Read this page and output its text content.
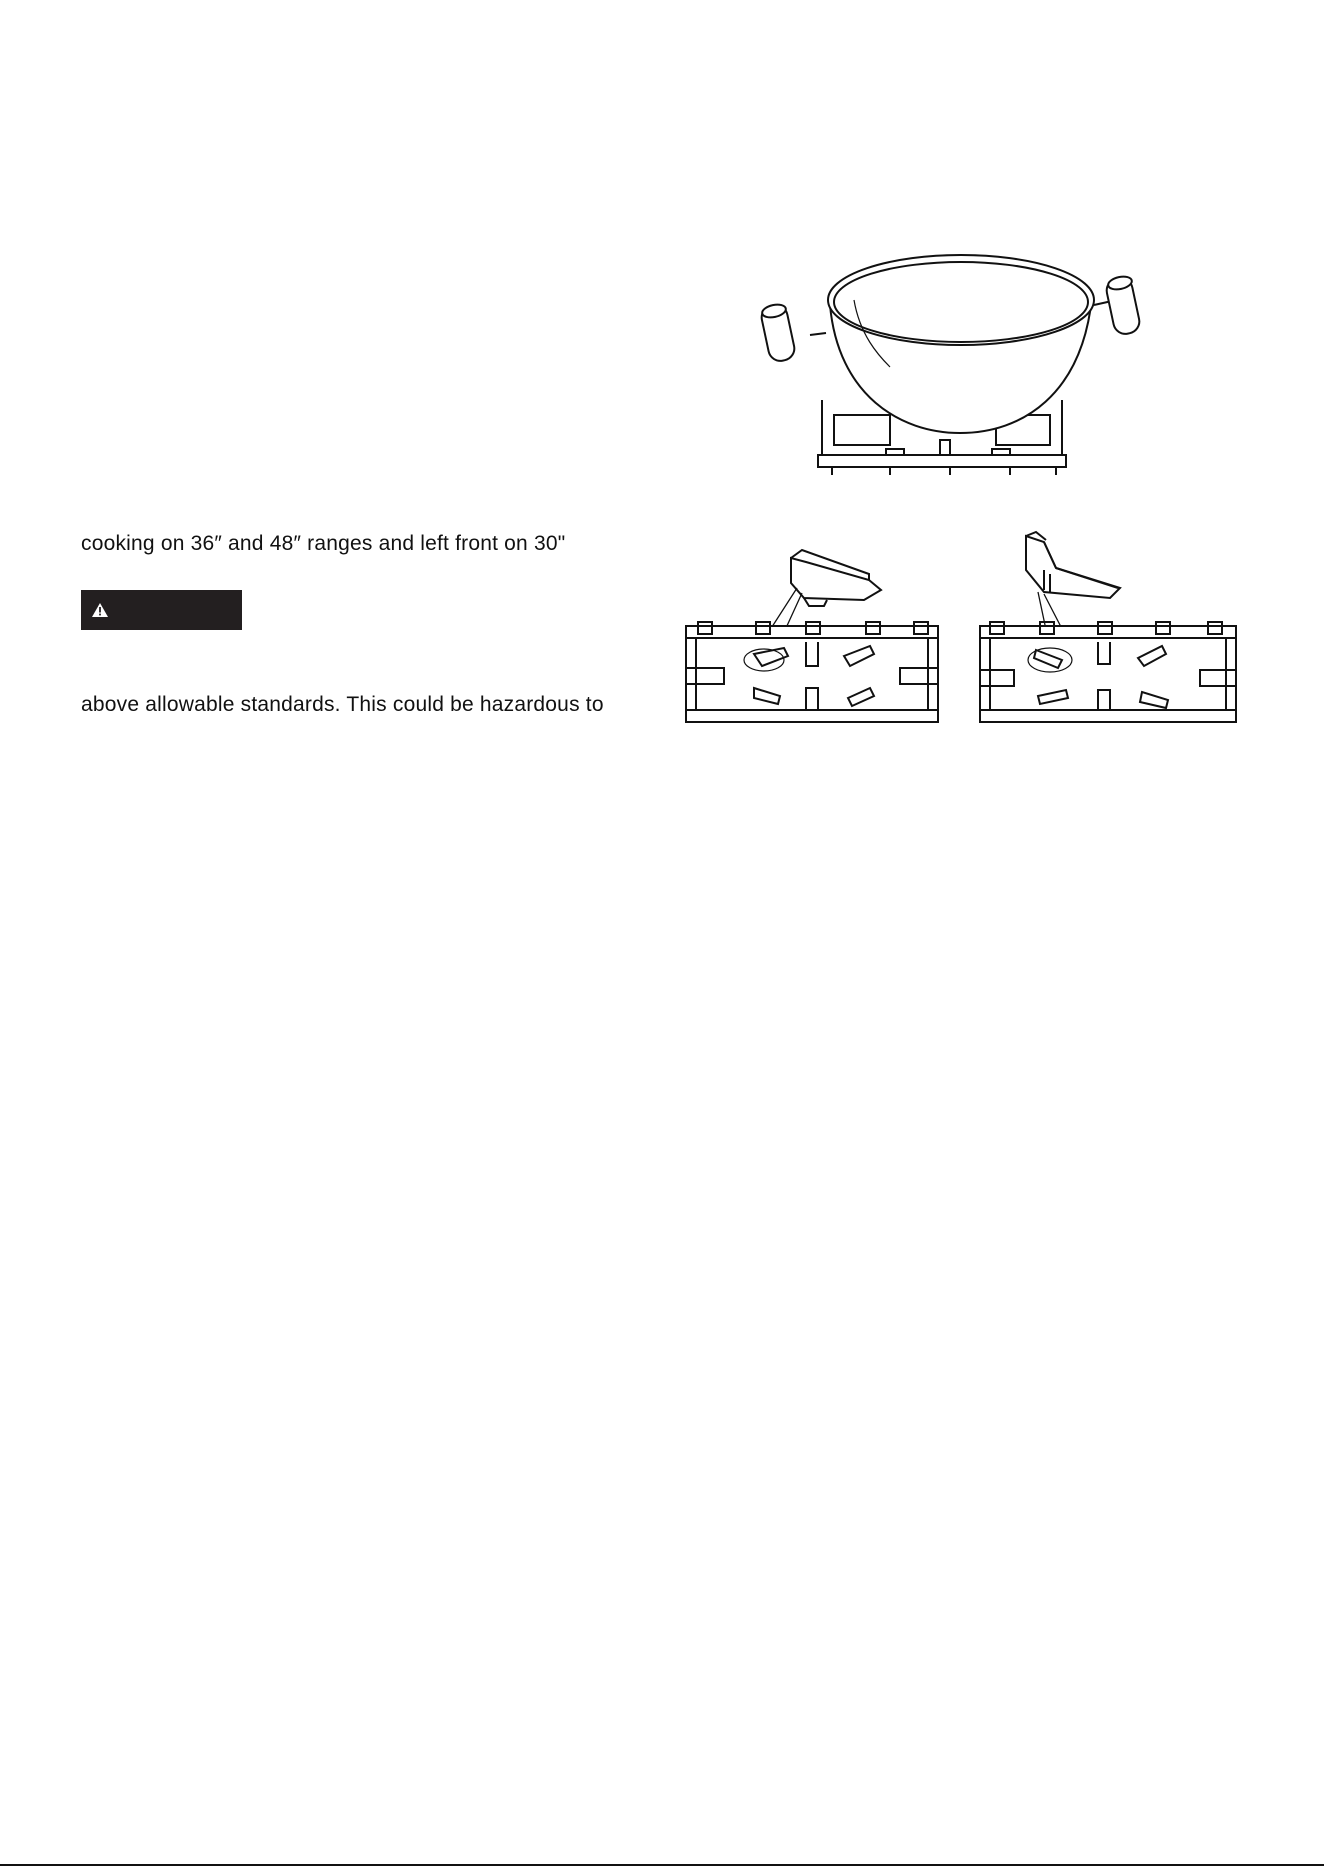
cooking on 36″ and 48″ ranges and left front on 30"
above allowable standards. This could be hazardous to
